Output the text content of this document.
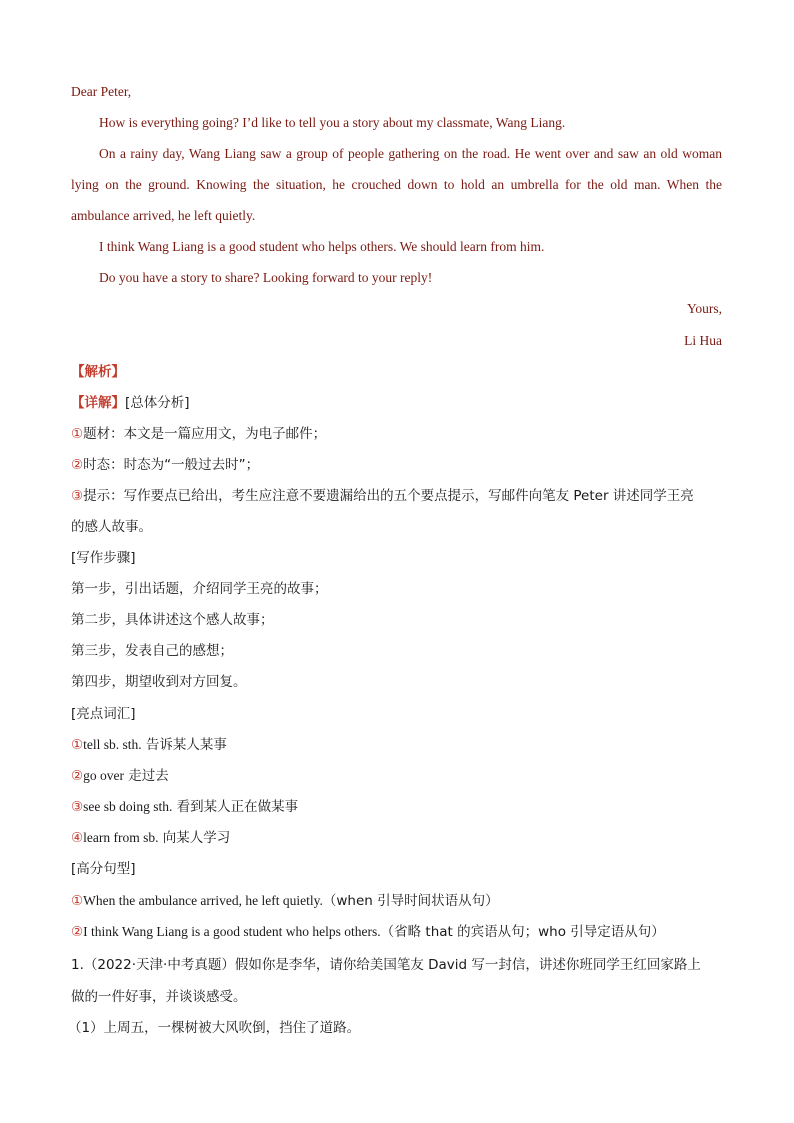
Dear Peter,
How is everything going? I’d like to tell you a story about my classmate, Wang Liang.
On a rainy day, Wang Liang saw a group of people gathering on the road. He went over and saw an old woman
lying on the ground. Knowing the situation, he crouched down to hold an umbrella for the old man. When the
ambulance arrived, he left quietly.
I think Wang Liang is a good student who helps others. We should learn from him.
Do you have a story to share? Looking forward to your reply!
Yours,
Li Hua
【解析】
【详解】[总体分析]
①题材：本文是一篇应用文，为电子邮件；
②时态：时态为“一般过去时”；
③提示：写作要点已给出，考生应注意不要遗漏给出的五个要点提示，写邮件向笔友 Peter 讲述同学王亮
的感人故事。
[写作步骤]
第一步，引出话题，介绍同学王亮的故事；
第二步，具体讲述这个感人故事；
第三步，发表自己的感想；
第四步，期望收到对方回复。
[亮点词汇]
①tell sb. sth. 告诉某人某事
②go over 走过去
③see sb doing sth. 看到某人正在做某事
④learn from sb. 向某人学习
[高分句型]
①When the ambulance arrived, he left quietly.（when 引导时间状语从句）
②I think Wang Liang is a good student who helps others.（省略 that 的宾语从句；who 引导定语从句）
1.（2022·天津·中考真题）假如你是李华，请你给美国笔友 David 写一封信，讲述你班同学王红回家路上
做的一件好事，并谈谈感受。
（1）上周五，一棵树被大风吹倒，挡住了道路。
